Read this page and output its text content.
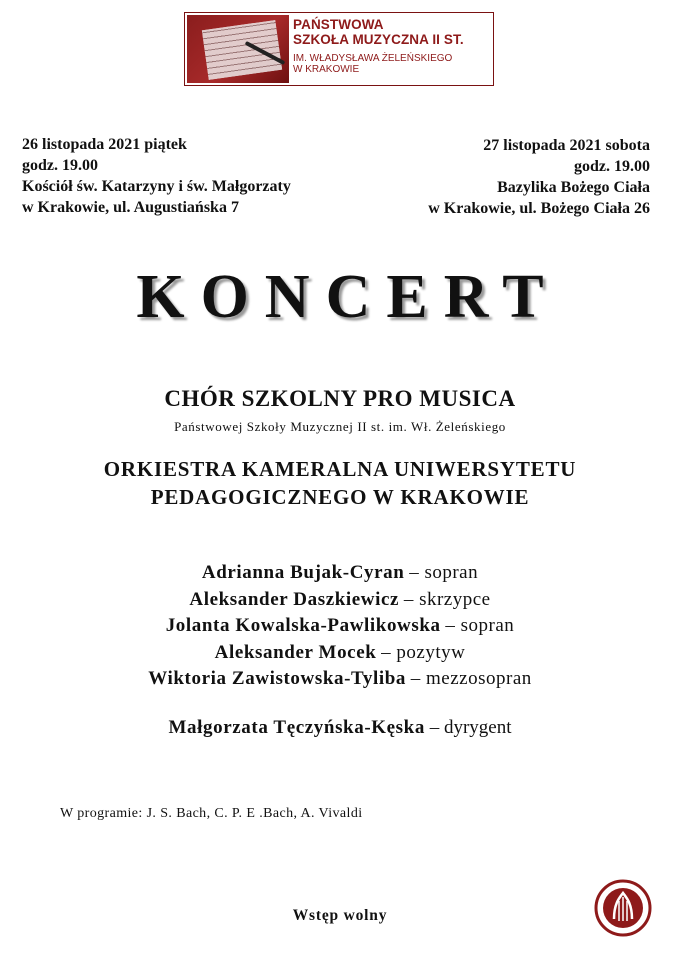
PAŃSTWOWA
SZKOŁA MUZYCZNA II ST.
IM. WŁADYSŁAWA ŻELEŃSKIEGO
W KRAKOWIE
26 listopada 2021 piątek
godz. 19.00
Kościół św. Katarzyny i św. Małgorzaty
w Krakowie, ul. Augustiańska 7
27 listopada 2021 sobota
godz. 19.00
Bazylika Bożego Ciała
w Krakowie, ul. Bożego Ciała 26
KONCERT
CHÓR SZKOLNY PRO MUSICA
Państwowej Szkoły Muzycznej II st. im. Wł. Żeleńskiego
ORKIESTRA KAMERALNA UNIWERSYTETU
PEDAGOGICZNEGO W KRAKOWIE
Adrianna Bujak-Cyran – sopran
Aleksander Daszkiewicz – skrzypce
Jolanta Kowalska-Pawlikowska – sopran
Aleksander Mocek – pozytyw
Wiktoria Zawistowska-Tyliba – mezzosopran
Małgorzata Tęczyńska-Kęska – dyrygent
W programie: J. S. Bach, C. P. E .Bach, A. Vivaldi
Wstęp wolny
